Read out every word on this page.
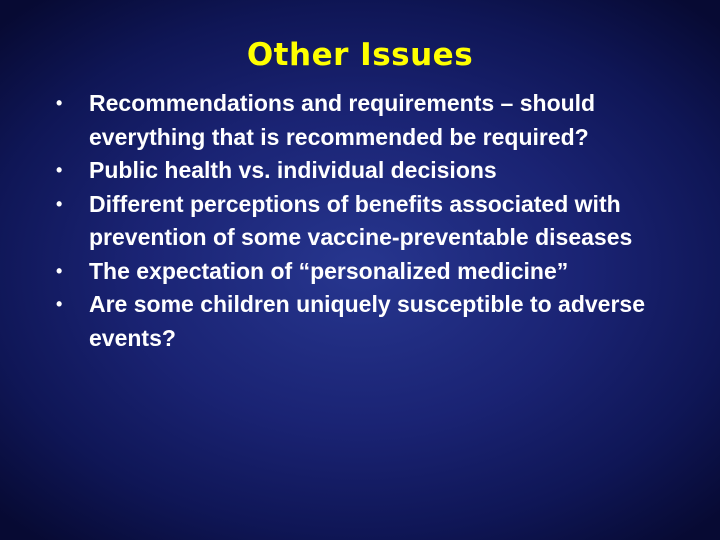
Other Issues
•	Recommendations and requirements – should everything that is recommended be required?
•	Public health vs. individual decisions
•	Different perceptions of benefits associated with prevention of some vaccine-preventable diseases
•	The expectation of “personalized medicine”
•	Are some children uniquely susceptible to adverse events?
